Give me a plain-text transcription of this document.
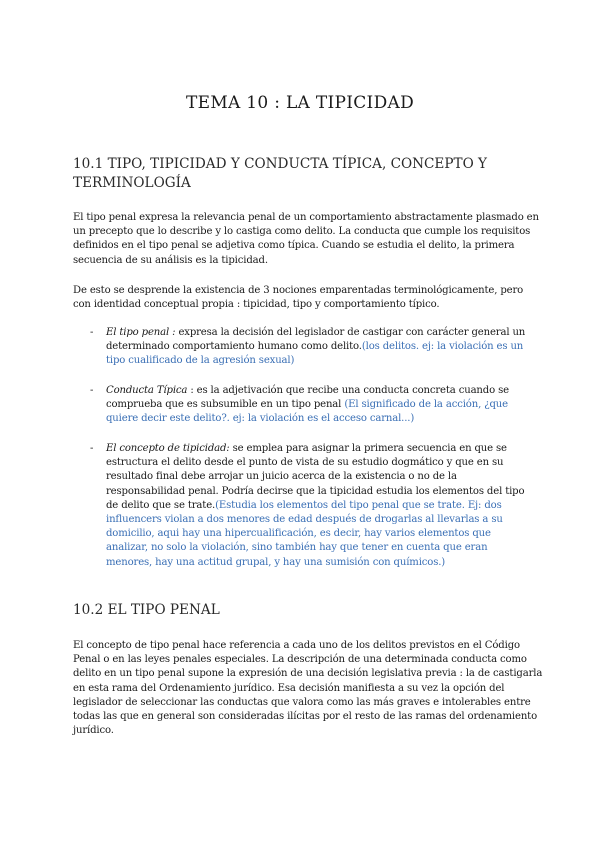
TEMA 10 : LA TIPICIDAD
10.1 TIPO, TIPICIDAD Y CONDUCTA TÍPICA, CONCEPTO Y TERMINOLOGÍA

El tipo penal expresa la relevancia penal de un comportamiento abstractamente plasmado en un precepto que lo describe y lo castiga como delito. La conducta que cumple los requisitos definidos en el tipo penal se adjetiva como típica. Cuando se estudia el delito, la primera secuencia de su análisis es la tipicidad.

De esto se desprende la existencia de 3 nociones emparentadas terminológicamente, pero con identidad conceptual propia : tipicidad, tipo y comportamiento típico.

- El tipo penal : expresa la decisión del legislador de castigar con carácter general un determinado comportamiento humano como delito.(los delitos. ej: la violación es un tipo cualificado de la agresión sexual)
- Conducta Típica : es la adjetivación que recibe una conducta concreta cuando se comprueba que es subsumible en un tipo penal (El significado de la acción, ¿que quiere decir este delito?. ej: la violación es el acceso carnal...)
- El concepto de tipicidad: se emplea para asignar la primera secuencia en que se estructura el delito desde el punto de vista de su estudio dogmático y que en su resultado final debe arrojar un juicio acerca de la existencia o no de la responsabilidad penal. Podría decirse que la tipicidad estudia los elementos del tipo de delito que se trate.(Estudia los elementos del tipo penal que se trate. Ej: dos influencers violan a dos menores de edad después de drogarlas al llevarlas a su domicilio, aqui hay una hipercualificación, es decir, hay varios elementos que analizar, no solo la violación, sino también hay que tener en cuenta que eran menores, hay una actitud grupal, y hay una sumisión con químicos.)
10.2 EL TIPO PENAL

El concepto de tipo penal hace referencia a cada uno de los delitos previstos en el Código Penal o en las leyes penales especiales. La descripción de una determinada conducta como delito en un tipo penal supone la expresión de una decisión legislativa previa : la de castigarla en esta rama del Ordenamiento jurídico. Esa decisión manifiesta a su vez la opción del legislador de seleccionar las conductas que valora como las más graves e intolerables entre todas las que en general son consideradas ilícitas por el resto de las ramas del ordenamiento jurídico.
